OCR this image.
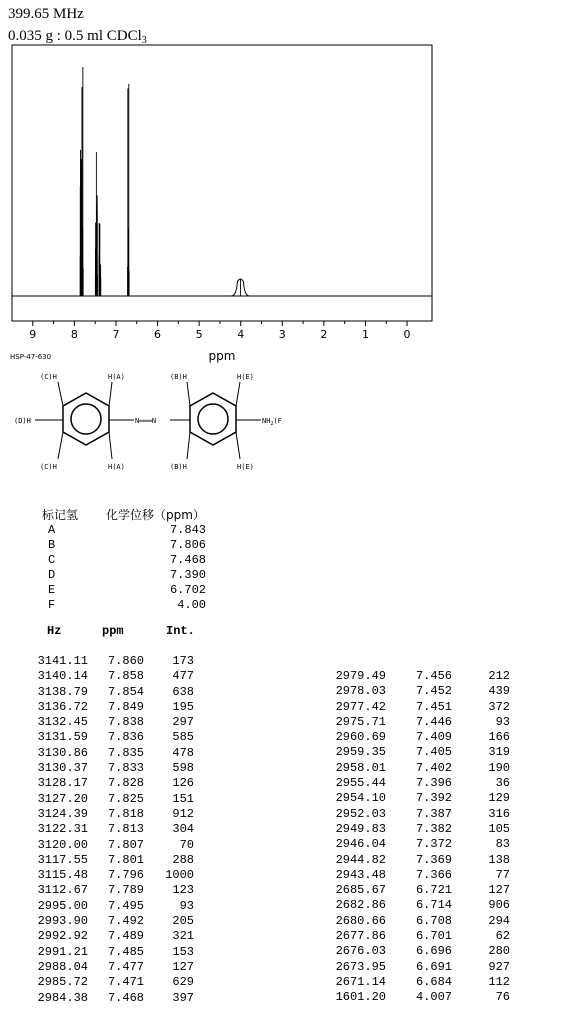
399.65 MHz
0.035 g : 0.5 ml CDCl$_3$
9	8	7	6	5	4	3	2	1	0
ppm
HSP-47-630
(C)H	H(A)	(B)H	H(E)
(D)H	N═══N	$NH_2(F$
(C)H	H(A)	(B)H	H(E)
标记氢	化学位移（ppm）
A	7.843
B	7.806
C	7.468
D	7.390
E	6.702
F	4.00
Hz	ppm	Int.
3141.11	7.860	173
3140.14	7.858	477
3138.79	7.854	638
3136.72	7.849	195
3132.45	7.838	297
3131.59	7.836	585
3130.86	7.835	478
3130.37	7.833	598
3128.17	7.828	126
3127.20	7.825	151
3124.39	7.818	912
3122.31	7.813	304
3120.00	7.807	70
3117.55	7.801	288
3115.48	7.796	1000
3112.67	7.789	123
2995.00	7.495	93
2993.90	7.492	205
2992.92	7.489	321
2991.21	7.485	153
2988.04	7.477	127
2985.72	7.471	629
2984.38	7.468	397
2979.49	7.456	212
2978.03	7.452	439
2977.42	7.451	372
2975.71	7.446	93
2960.69	7.409	166
2959.35	7.405	319
2958.01	7.402	190
2955.44	7.396	36
2954.10	7.392	129
2952.03	7.387	316
2949.83	7.382	105
2946.04	7.372	83
2944.82	7.369	138
2943.48	7.366	77
2685.67	6.721	127
2682.86	6.714	906
2680.66	6.708	294
2677.86	6.701	62
2676.03	6.696	280
2673.95	6.691	927
2671.14	6.684	112
1601.20	4.007	76
